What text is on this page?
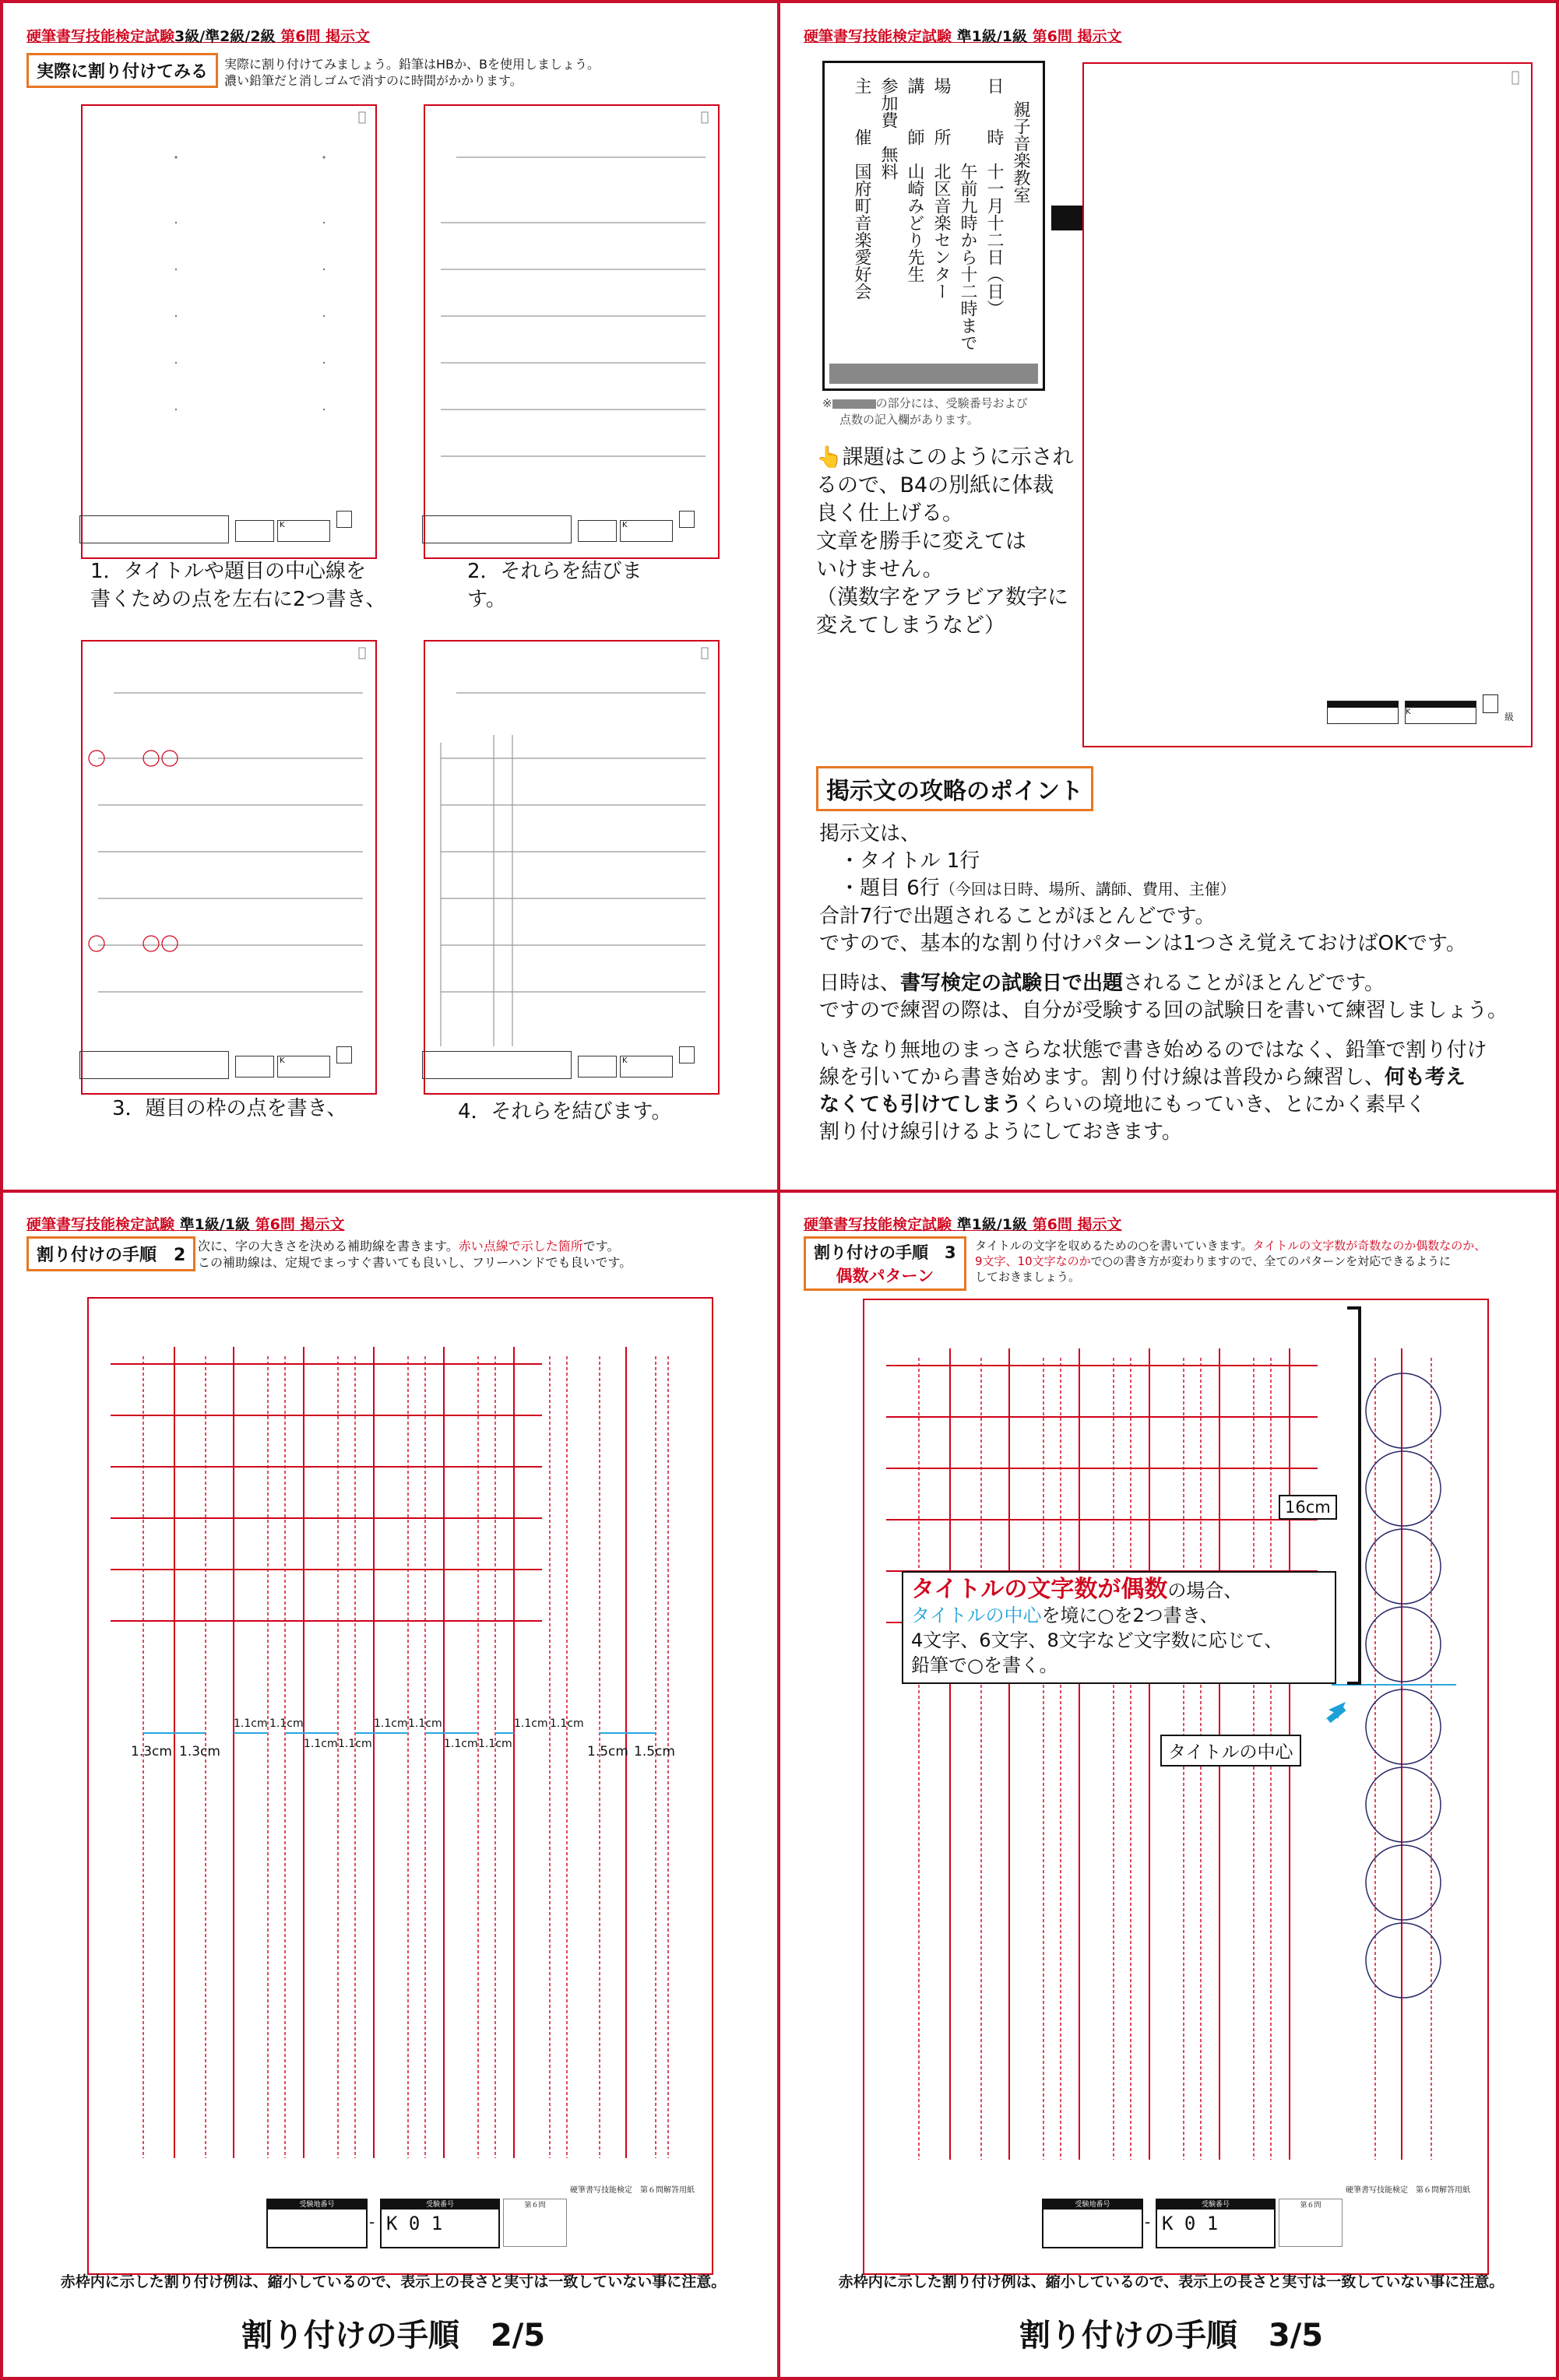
硬筆書写技能検定試験3級/準2級/2級 第6問 掲示文
実際に割り付けてみる	実際に割り付けてみましょう。鉛筆はHBか、Bを使用しましょう。
濃い鉛筆だと消しゴムで消すのに時間がかかります。
K
1．タイトルや題目の中心線を
書くための点を左右に2つ書き、
K
2．それらを結びま
す。
K
3．題目の枠の点を書き、
K
4．それらを結びます。
硬筆書写技能検定試験 準1級/1級 第6問 掲示文
親子音楽教室
日　　時　十一月十二日（日）
　　　　　午前九時から十二時まで
場　　所　北区音楽センター
講　　師　山崎みどり先生
参加費　無料
主　　催　国府町音楽愛好会
※	の部分には、受験番号および
点数の記入欄があります。
K	級
👆課題はこのように示され
るので、B4の別紙に体裁
良く仕上げる。
文章を勝手に変えては
いけません。
（漢数字をアラビア数字に
変えてしまうなど）
掲示文の攻略のポイント
掲示文は、
　・タイトル 1行
　・題目 6行（今回は日時、場所、講師、費用、主催）
合計7行で出題されることがほとんどです。
ですので、基本的な割り付けパターンは1つさえ覚えておけばOKです。
日時は、書写検定の試験日で出題されることがほとんどです。
ですので練習の際は、自分が受験する回の試験日を書いて練習しましょう。
いきなり無地のまっさらな状態で書き始めるのではなく、鉛筆で割り付け
線を引いてから書き始めます。割り付け線は普段から練習し、何も考え
なくても引けてしまうくらいの境地にもっていき、とにかく素早く
割り付け線引けるようにしておきます。
硬筆書写技能検定試験 準1級/1級 第6問 掲示文
割り付けの手順　2 次に、字の大きさを決める補助線を書きます。赤い点線で示した箇所です。
この補助線は、定規でまっすぐ書いても良いし、フリーハンドでも良いです。
1.3cm 1.3cm
1.1cm 1.1cm
1.1cm 1.1cm
1.1cm 1.1cm
1.1cm 1.1cm
1.1cm 1.1cm
1.5cm 1.5cm
硬筆書写技能検定　第６問解答用紙
受験地番号
-
受験番号
K 0 1
第６問
赤枠内に示した割り付け例は、縮小しているので、表示上の長さと実寸は一致していない事に注意。
割り付けの手順　2/5
硬筆書写技能検定試験 準1級/1級 第6問 掲示文
割り付けの手順　3
偶数パターン
タイトルの文字を収めるための○を書いていきます。タイトルの文字数が奇数なのか偶数なのか、
9文字、10文字なのかで○の書き方が変わりますので、全てのパターンを対応できるように
しておきましょう。
16cm
タイトルの中心
タイトルの文字数が偶数の場合、
タイトルの中心を境に○を2つ書き、
4文字、6文字、8文字など文字数に応じて、
鉛筆で○を書く。
硬筆書写技能検定　第６問解答用紙
受験地番号
-
受験番号
K 0 1
第６問
赤枠内に示した割り付け例は、縮小しているので、表示上の長さと実寸は一致していない事に注意。
割り付けの手順　3/5
